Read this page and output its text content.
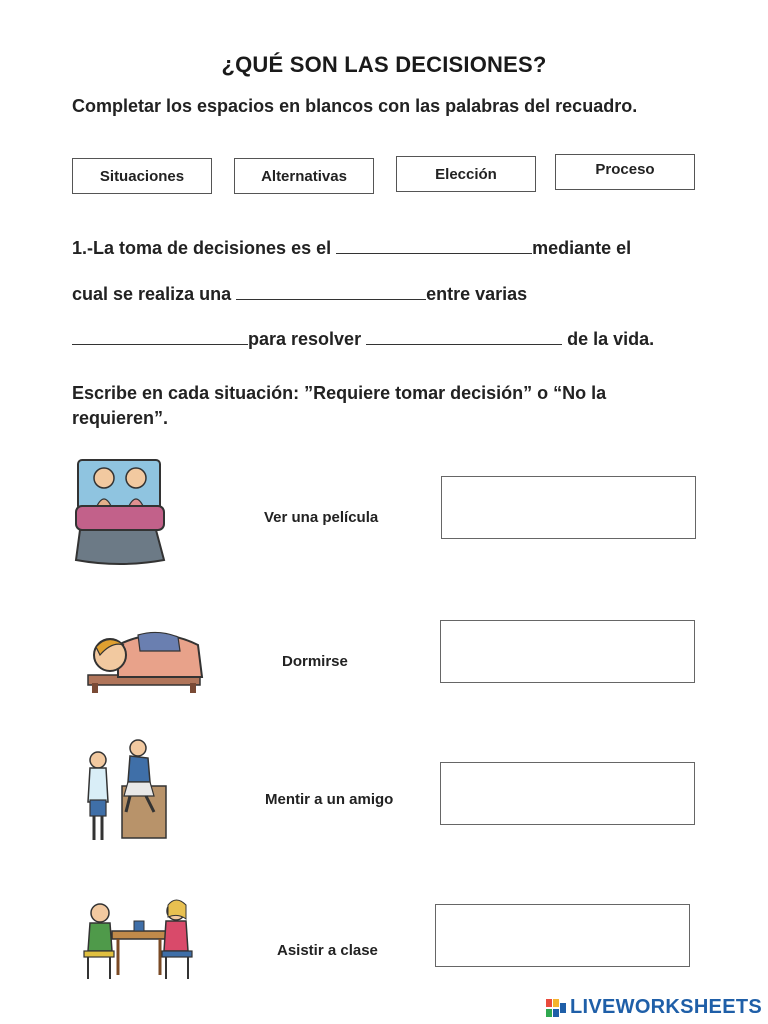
¿QUÉ SON LAS DECISIONES?
Completar los espacios en blancos con las palabras del recuadro.
Situaciones	Alternativas	Elección	Proceso
1.-La toma de decisiones es el	mediante el
cual se realiza una	entre varias
para resolver	de la vida.
Escribe en cada situación: ”Requiere tomar decisión” o “No la requieren”.
Ver una película
Dormirse
Mentir a un amigo
Asistir a clase
LIVEWORKSHEETS
